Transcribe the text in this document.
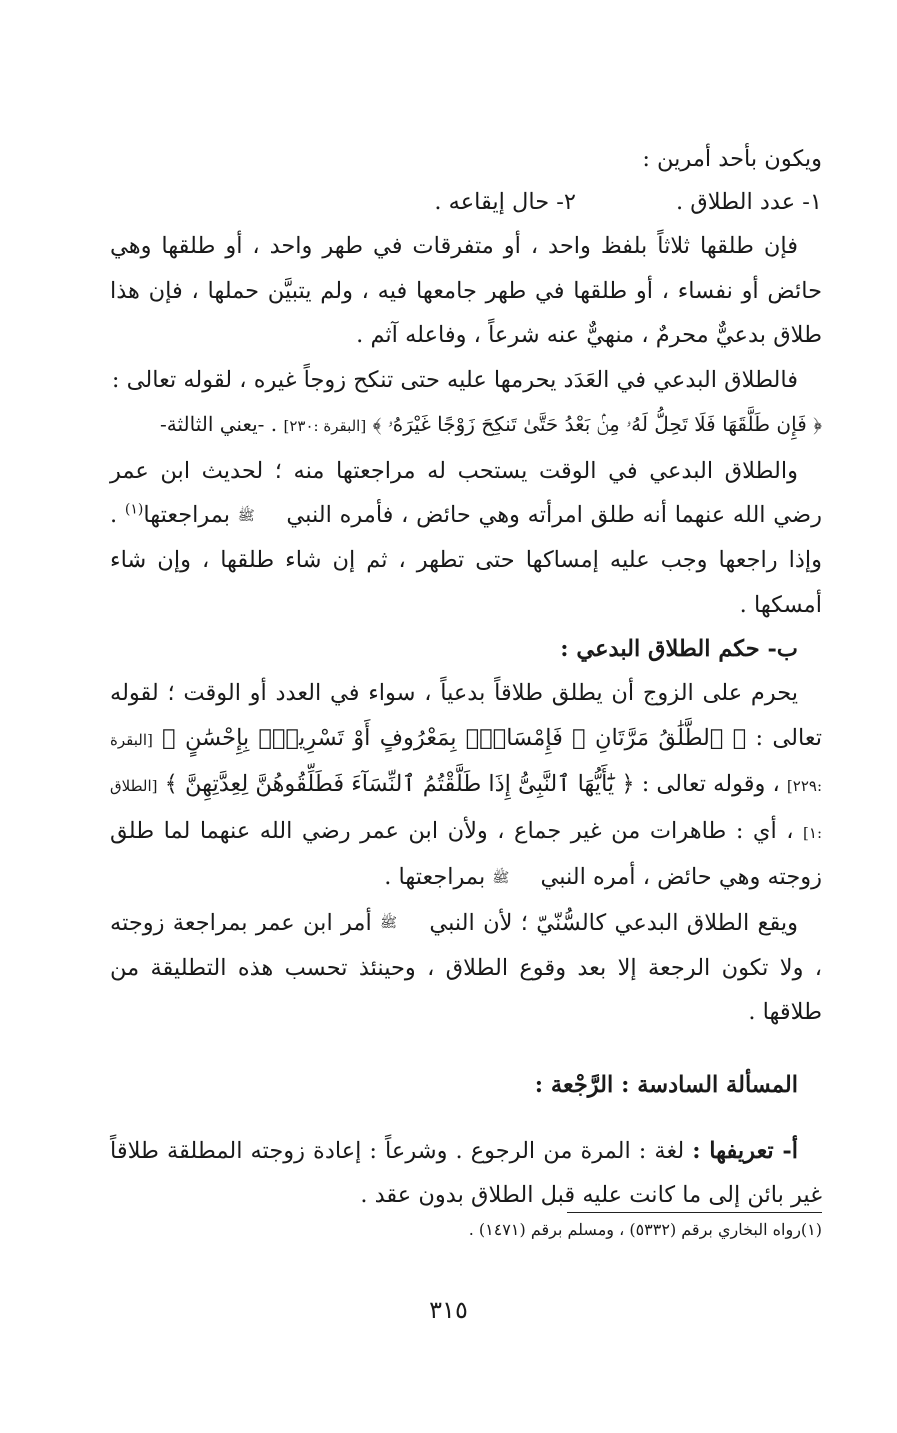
ويكون بأحد أمرين :

١- عدد الطلاق .
٢- حال إيقاعه .

فإن طلقها ثلاثاً بلفظ واحد ، أو متفرقات في طهر واحد ، أو طلقها وهي حائض أو نفساء ، أو طلقها في طهر جامعها فيه ، ولم يتبيَّن حملها ، فإن هذا طلاق بدعيٌّ محرمٌ ، منهيٌّ عنه شرعاً ، وفاعله آثم .

فالطلاق البدعي في العَدَد يحرمها عليه حتى تنكح زوجاً غيره ، لقوله تعالى :

﴿ فَإِن طَلَّقَهَا فَلَا تَحِلُّ لَهُۥ مِنۢ بَعْدُ حَتَّىٰ تَنكِحَ زَوْجًا غَيْرَهُۥ ﴾ [البقرة :٢٣٠] . -يعني الثالثة-

والطلاق البدعي في الوقت يستحب له مراجعتها منه ؛ لحديث ابن عمر رضي الله عنهما أنه طلق امرأته وهي حائض ، فأمره النبي ﷺ بمراجعتها$^{(١)}$ . وإذا راجعها وجب عليه إمساكها حتى تطهر ، ثم إن شاء طلقها ، وإن شاء أمسكها .

ب- حكم الطلاق البدعي :

يحرم على الزوج أن يطلق طلاقاً بدعياً ، سواء في العدد أو الوقت ؛ لقوله تعالى : ﴿ ٱلطَّلَٰقُ مَرَّتَانِ ۖ فَإِمْسَاكٌۢ بِمَعْرُوفٍ أَوْ تَسْرِيحٌۢ بِإِحْسَٰنٍ ﴾ [البقرة :٢٢٩] ، وقوله تعالى : ﴿ يَٰٓأَيُّهَا ٱلنَّبِىُّ إِذَا طَلَّقْتُمُ ٱلنِّسَآءَ فَطَلِّقُوهُنَّ لِعِدَّتِهِنَّ ﴾ [الطلاق :١] ، أي : طاهرات من غير جماع ، ولأن ابن عمر رضي الله عنهما لما طلق زوجته وهي حائض ، أمره النبي ﷺ بمراجعتها .

ويقع الطلاق البدعي كالسُّنّيّ ؛ لأن النبي ﷺ أمر ابن عمر بمراجعة زوجته ، ولا تكون الرجعة إلا بعد وقوع الطلاق ، وحينئذ تحسب هذه التطليقة من طلاقها .

المسألة السادسة : الرَّجْعة :

أ- تعريفها : لغة : المرة من الرجوع . وشرعاً : إعادة زوجته المطلقة طلاقاً غير بائن إلى ما كانت عليه قبل الطلاق بدون عقد .

(١)رواه البخاري برقم (٥٣٣٢) ، ومسلم برقم (١٤٧١) .
٣١٥
